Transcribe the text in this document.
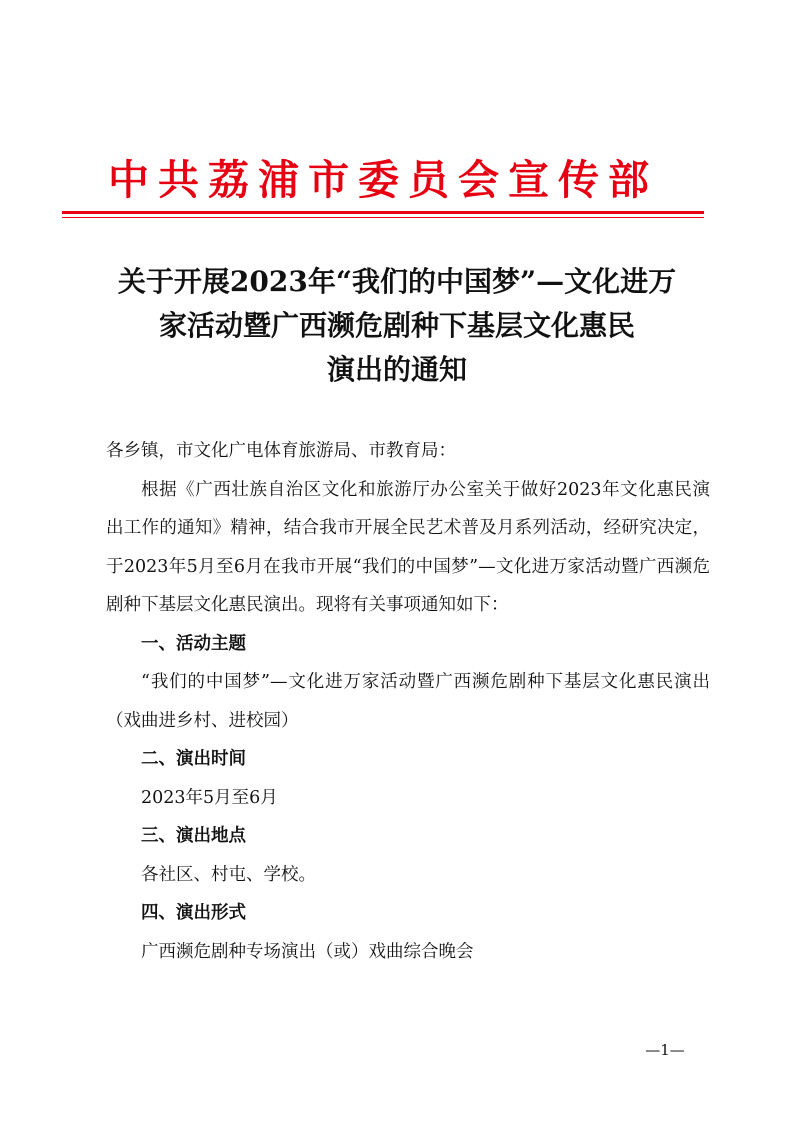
中共荔浦市委员会宣传部
关于开展2023年“我们的中国梦”—文化进万
家活动暨广西濒危剧种下基层文化惠民
演出的通知

各乡镇，市文化广电体育旅游局、市教育局：

根据《广西壮族自治区文化和旅游厅办公室关于做好2023年文化惠民演出工作的通知》精神，结合我市开展全民艺术普及月系列活动，经研究决定，于2023年5月至6月在我市开展“我们的中国梦”—文化进万家活动暨广西濒危剧种下基层文化惠民演出。现将有关事项通知如下：

一、活动主题

“我们的中国梦”—文化进万家活动暨广西濒危剧种下基层文化惠民演出（戏曲进乡村、进校园）

二、演出时间

2023年5月至6月

三、演出地点

各社区、村屯、学校。

四、演出形式

广西濒危剧种专场演出（或）戏曲综合晚会

—1—
